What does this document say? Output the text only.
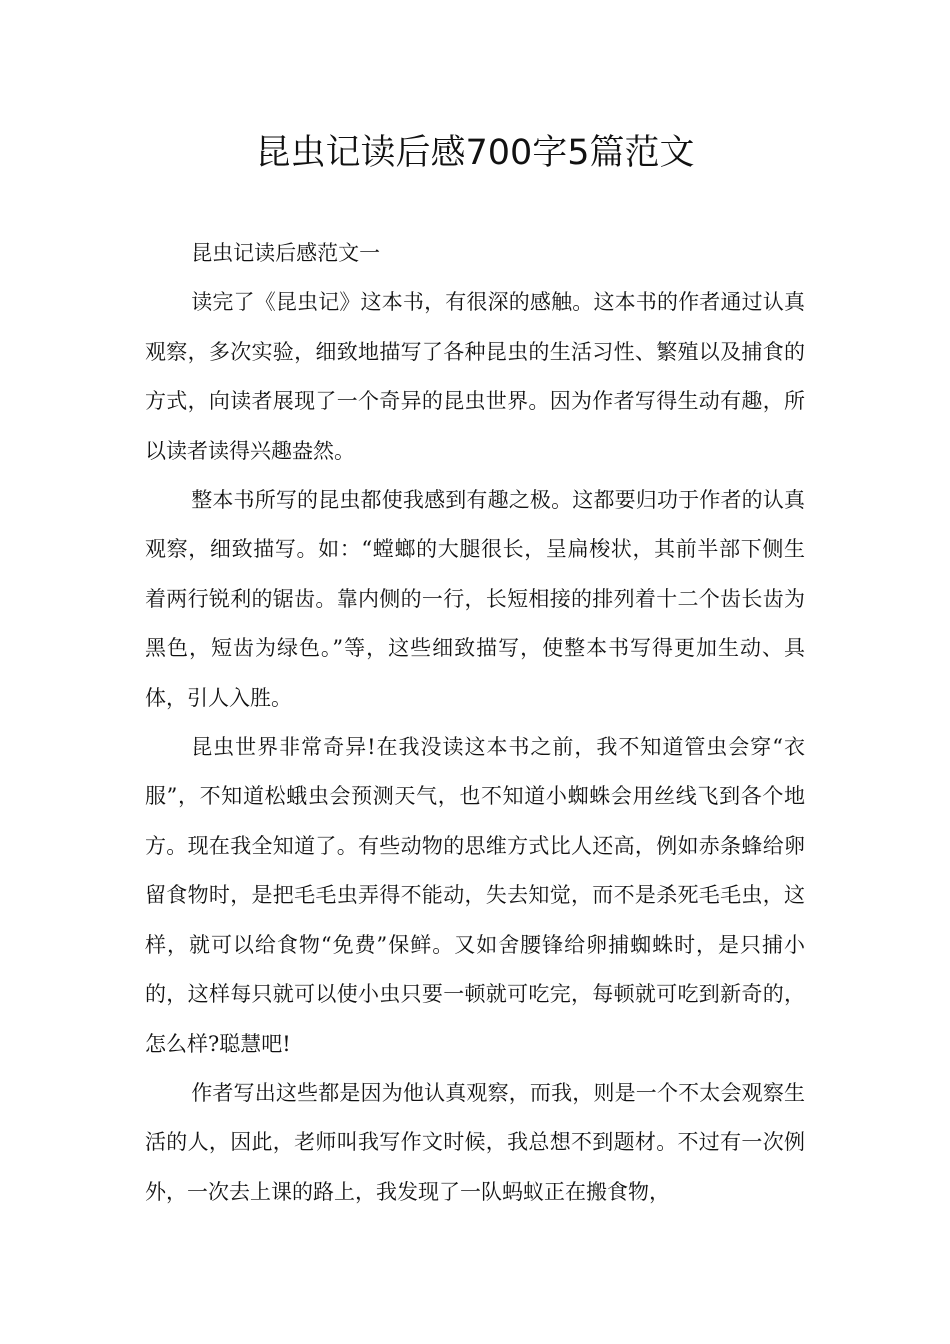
昆虫记读后感700字5篇范文

昆虫记读后感范文一

读完了《昆虫记》这本书，有很深的感触。这本书的作者通过认真观察，多次实验，细致地描写了各种昆虫的生活习性、繁殖以及捕食的方式，向读者展现了一个奇异的昆虫世界。因为作者写得生动有趣，所以读者读得兴趣盎然。

整本书所写的昆虫都使我感到有趣之极。这都要归功于作者的认真观察，细致描写。如：“螳螂的大腿很长，呈扁梭状，其前半部下侧生着两行锐利的锯齿。靠内侧的一行，长短相接的排列着十二个齿长齿为黑色，短齿为绿色。”等，这些细致描写，使整本书写得更加生动、具体，引人入胜。

昆虫世界非常奇异!在我没读这本书之前，我不知道管虫会穿“衣服”，不知道松蛾虫会预测天气，也不知道小蜘蛛会用丝线飞到各个地方。现在我全知道了。有些动物的思维方式比人还高，例如赤条蜂给卵留食物时，是把毛毛虫弄得不能动，失去知觉，而不是杀死毛毛虫，这样，就可以给食物“免费”保鲜。又如舍腰锋给卵捕蜘蛛时，是只捕小的，这样每只就可以使小虫只要一顿就可吃完，每顿就可吃到新奇的，怎么样?聪慧吧!

作者写出这些都是因为他认真观察，而我，则是一个不太会观察生活的人，因此，老师叫我写作文时候，我总想不到题材。不过有一次例外，一次去上课的路上，我发现了一队蚂蚁正在搬食物，
